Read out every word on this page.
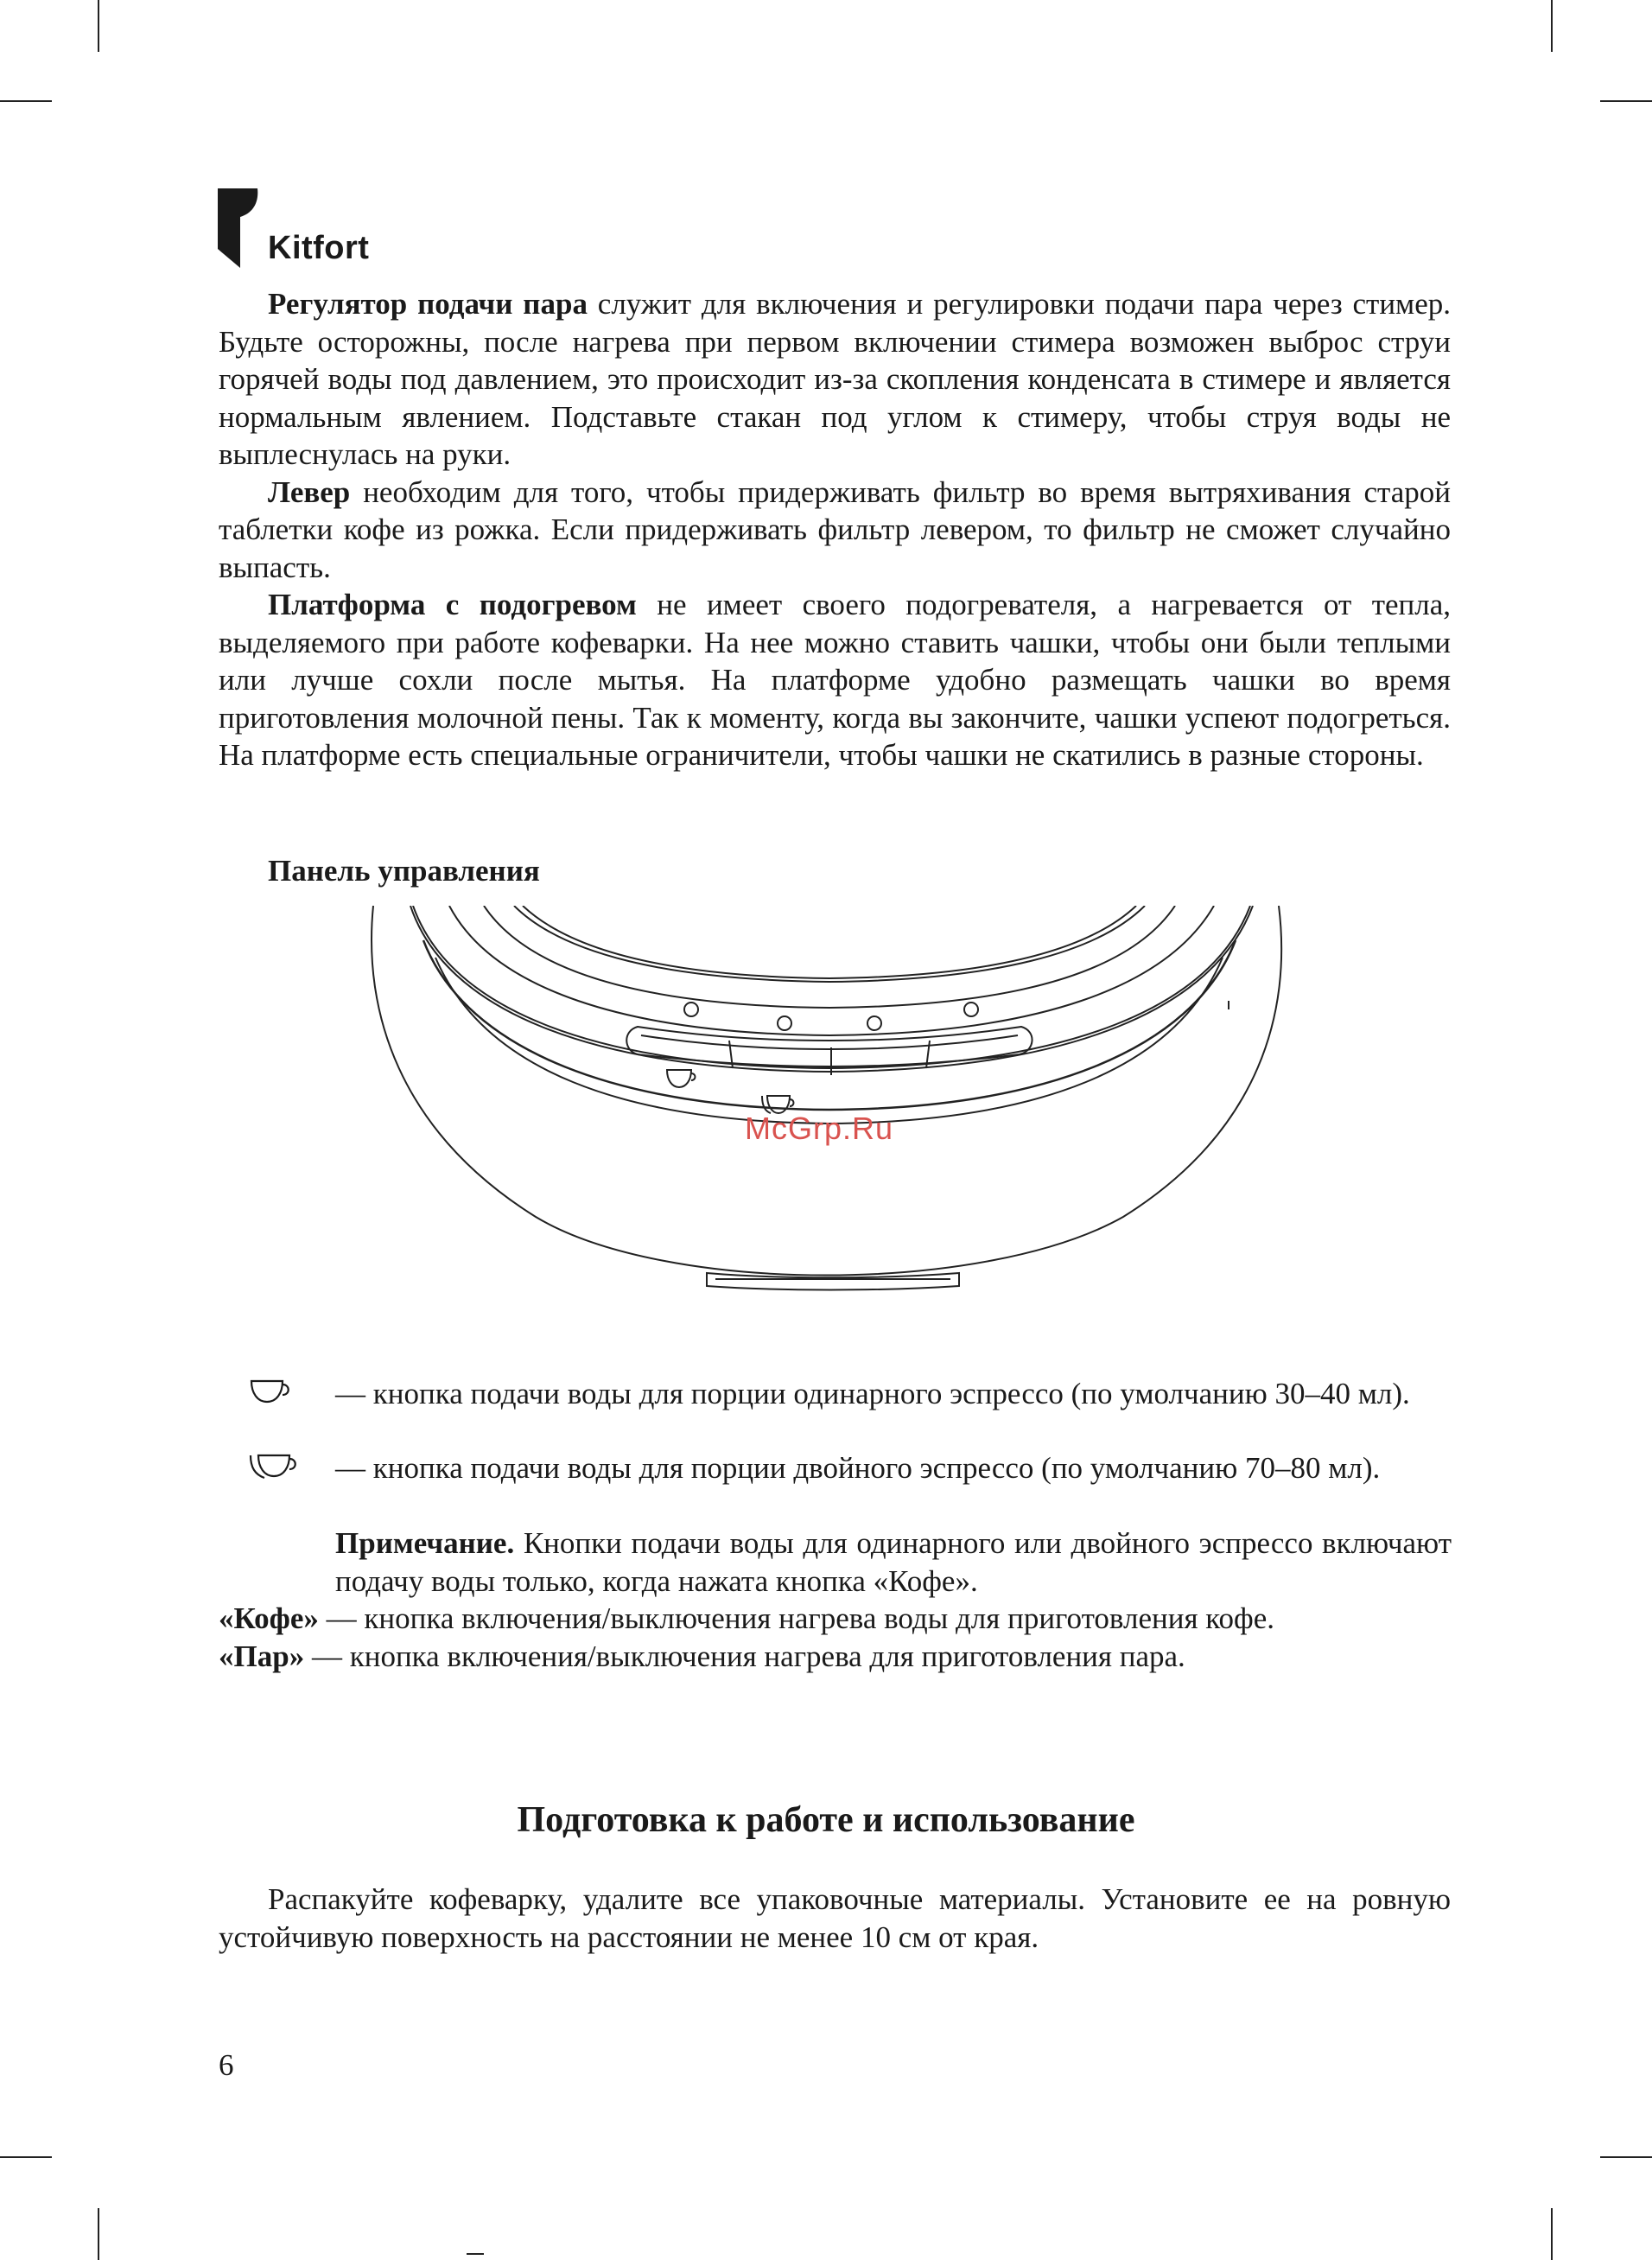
Kitfort

Регулятор подачи пара служит для включения и регулировки подачи пара через стимер. Будьте осторожны, после нагрева при первом включении стимера возможен выброс струи горячей воды под давлением, это происходит из-за скопления конденсата в стимере и является нормальным явлением. Подставьте стакан под углом к стимеру, чтобы струя воды не выплеснулась на руки.

Левер необходим для того, чтобы придерживать фильтр во время вытряхивания старой таблетки кофе из рожка. Если придерживать фильтр левером, то фильтр не сможет случайно выпасть.

Платформа с подогревом не имеет своего подогревателя, а нагревается от тепла, выделяемого при работе кофеварки. На нее можно ставить чашки, чтобы они были теплыми или лучше сохли после мытья. На платформе удобно размещать чашки во время приготовления молочной пены. Так к моменту, когда вы закончите, чашки успеют подогреться. На платформе есть специальные ограничители, чтобы чашки не скатились в разные стороны.

Панель управления
McGrp.Ru

— кнопка подачи воды для порции одинарного эспрессо (по умолчанию 30–40 мл).

— кнопка подачи воды для порции двойного эспрессо (по умолчанию 70–80 мл).

Примечание. Кнопки подачи воды для одинарного или двойного эспрессо включают подачу воды только, когда нажата кнопка «Кофе».

«Кофе» — кнопка включения/выключения нагрева воды для приготовления кофе.

«Пар» — кнопка включения/выключения нагрева для приготовления пара.

Подготовка к работе и использование

Распакуйте кофеварку, удалите все упаковочные материалы. Установите ее на ровную устойчивую поверхность на расстоянии не менее 10 см от края.

6
